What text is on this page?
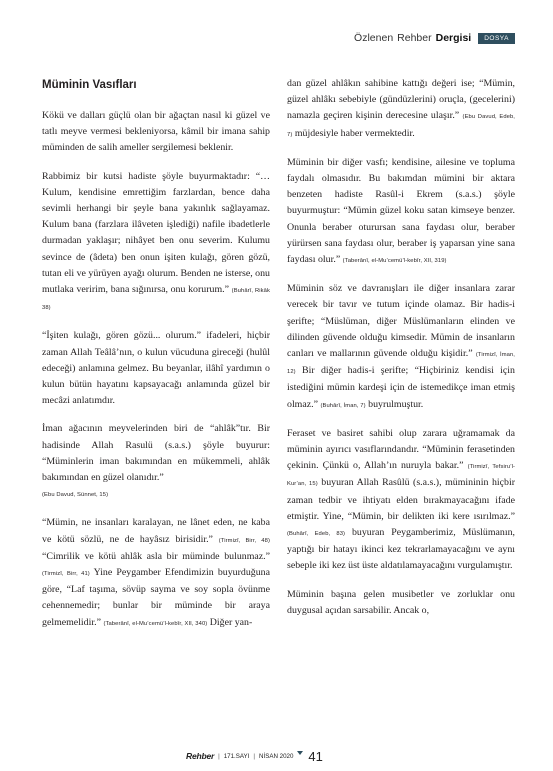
Özlenen Rehber Dergisi	DOSYA
Müminin Vasıfları

Kökü ve dalları güçlü olan bir ağaçtan nasıl ki güzel ve tatlı meyve vermesi bekleniyorsa, kâmil bir imana sahip müminden de salih ameller sergilemesi beklenir.

Rabbimiz bir kutsi hadiste şöyle buyurmaktadır: “…Kulum, kendisine emrettiğim farzlardan, bence daha sevimli herhangi bir şeyle bana yakınlık sağlayamaz. Kulum bana (farzlara ilâveten işlediği) nafile ibadetlerle durmadan yaklaşır; nihâyet ben onu severim. Kulumu sevince de (âdeta) ben onun işiten kulağı, gören gözü, tutan eli ve yürüyen ayağı olurum. Benden ne isterse, onu mutlaka veririm, bana sığınırsa, onu korurum.” (Buhârî, Rikâk 38)

“İşiten kulağı, gören gözü... olurum.” ifadeleri, hiçbir zaman Allah Teâlâ’nın, o kulun vücuduna gireceği (hulûl edeceği) anlamına gelmez. Bu beyanlar, ilâhî yardımın o kulun bütün hayatını kapsayacağı anlamında güzel bir mecâzi anlatımdır.

İman ağacının meyvelerinden biri de “ahlâk”tır. Bir hadisinde Allah Rasulü (s.a.s.) şöyle buyurur: “Müminlerin iman bakımından en mükemmeli, ahlâk bakımından en güzel olanıdır.”
(Ebu Davud, Sünnet, 15)

“Mümin, ne insanları karalayan, ne lânet eden, ne kaba ve kötü sözlü, ne de hayâsız birisidir.” (Tirmizî, Birr, 48) “Cimrilik ve kötü ahlâk asla bir müminde bulunmaz.” (Tirmizî, Birr, 41) Yine Peygamber Efendimizin buyurduğuna göre, “Laf taşıma, sövüp sayma ve soy sopla övünme cehennemedir; bunlar bir müminde bir araya gelmemelidir.” (Taberânî, el-Mu’cemü’l-kebîr, XII, 340) Diğer yan-

dan güzel ahlâkın sahibine kattığı değeri ise; “Mümin, güzel ahlâkı sebebiyle (gündüzlerini) oruçla, (gecelerini) namazla geçiren kişinin derecesine ulaşır.” (Ebu Davud, Edeb, 7) müjdesiyle haber vermektedir.

Müminin bir diğer vasfı; kendisine, ailesine ve topluma faydalı olmasıdır. Bu bakımdan mümini bir aktara benzeten hadiste Rasûl-i Ekrem (s.a.s.) şöyle buyurmuştur: “Mümin güzel koku satan kimseye benzer. Onunla beraber oturursan sana faydası olur, beraber yürürsen sana faydası olur, beraber iş yaparsan yine sana faydası olur.” (Taberânî, el-Mu’cemü’l-kebîr, XII, 319)

Müminin söz ve davranışları ile diğer insanlara zarar verecek bir tavır ve tutum içinde olamaz. Bir hadis-i şerifte; “Müslüman, diğer Müslümanların elinden ve dilinden güvende olduğu kimsedir. Mümin de insanların canları ve mallarının güvende olduğu kişidir.” (Tirmizî, İman, 12) Bir diğer hadis-i şerifte; “Hiçbiriniz kendisi için istediğini mümin kardeşi için de istemedikçe iman etmiş olmaz.” (Buhârî, İman, 7) buyrulmuştur.

Feraset ve basiret sahibi olup zarara uğramamak da müminin ayırıcı vasıflarındandır. “Müminin ferasetinden çekinin. Çünkü o, Allah’ın nuruyla bakar.” (Tirmizî, Tefsiru’l-Kur’an, 15) buyuran Allah Rasûlü (s.a.s.), mümininin hiçbir zaman tedbir ve ihtiyatı elden bırakmayacağını ifade etmiştir. Yine, “Mümin, bir delikten iki kere ısırılmaz.” (Buhârî, Edeb, 83) buyuran Peygamberimiz, Müslümanın, yaptığı bir hatayı ikinci kez tekrarlamayacağını ve aynı sebeple iki kez üst üste aldatılamayacağını vurgulamıştır.

Müminin başına gelen musibetler ve zorluklar onu duygusal açıdan sarsabilir. Ancak o,

Rehber | 171.SAYI | NİSAN 2020 41
